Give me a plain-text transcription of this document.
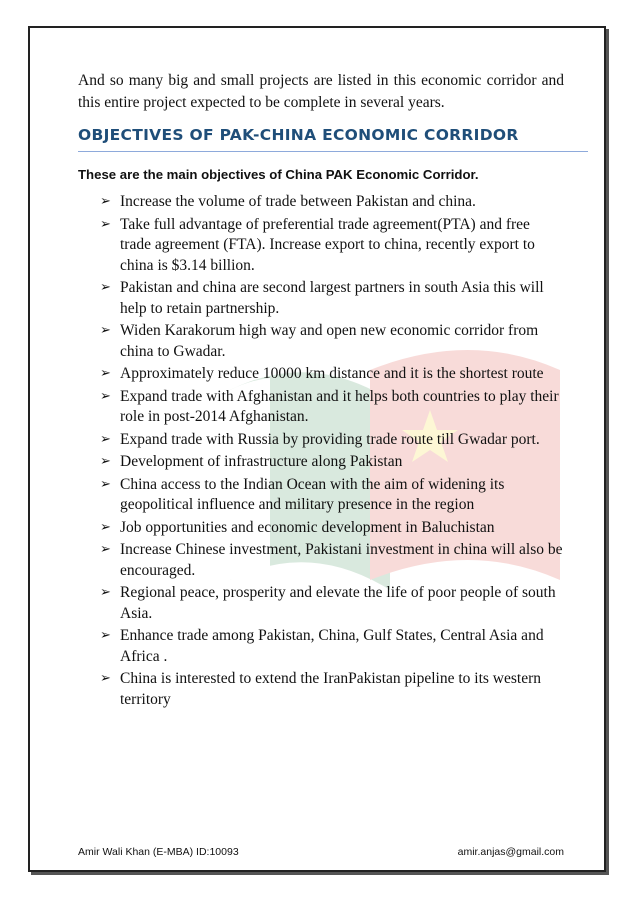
And so many big and small projects are listed in this economic corridor and this entire project expected to be complete in several years.

OBJECTIVES OF PAK-CHINA ECONOMIC CORRIDOR
These are the main objectives of China PAK Economic Corridor.
➢ Increase the volume of trade between Pakistan and china.
➢ Take full advantage of preferential trade agreement(PTA) and free trade agreement (FTA). Increase export to china, recently export to china is $3.14 billion.
➢ Pakistan and china are second largest partners in south Asia this will help to retain partnership.
➢ Widen Karakorum high way and open new economic corridor from china to Gwadar.
➢ Approximately reduce 10000 km distance and it is the shortest route
➢ Expand trade with Afghanistan and it helps both countries to play their role in post-2014 Afghanistan.
➢ Expand trade with Russia by providing trade route till Gwadar port.
➢ Development of infrastructure along Pakistan
➢ China access to the Indian Ocean with the aim of widening its geopolitical influence and military presence in the region
➢ Job opportunities and economic development in Baluchistan
➢ Increase Chinese investment, Pakistani investment in china will also be encouraged.
➢ Regional peace, prosperity and elevate the life of poor people of south Asia.
➢ Enhance trade among Pakistan, China, Gulf States, Central Asia and Africa .
➢ China is interested to extend the IranPakistan pipeline to its western territory
Amir Wali Khan (E-MBA) ID:10093	amir.anjas@gmail.com
